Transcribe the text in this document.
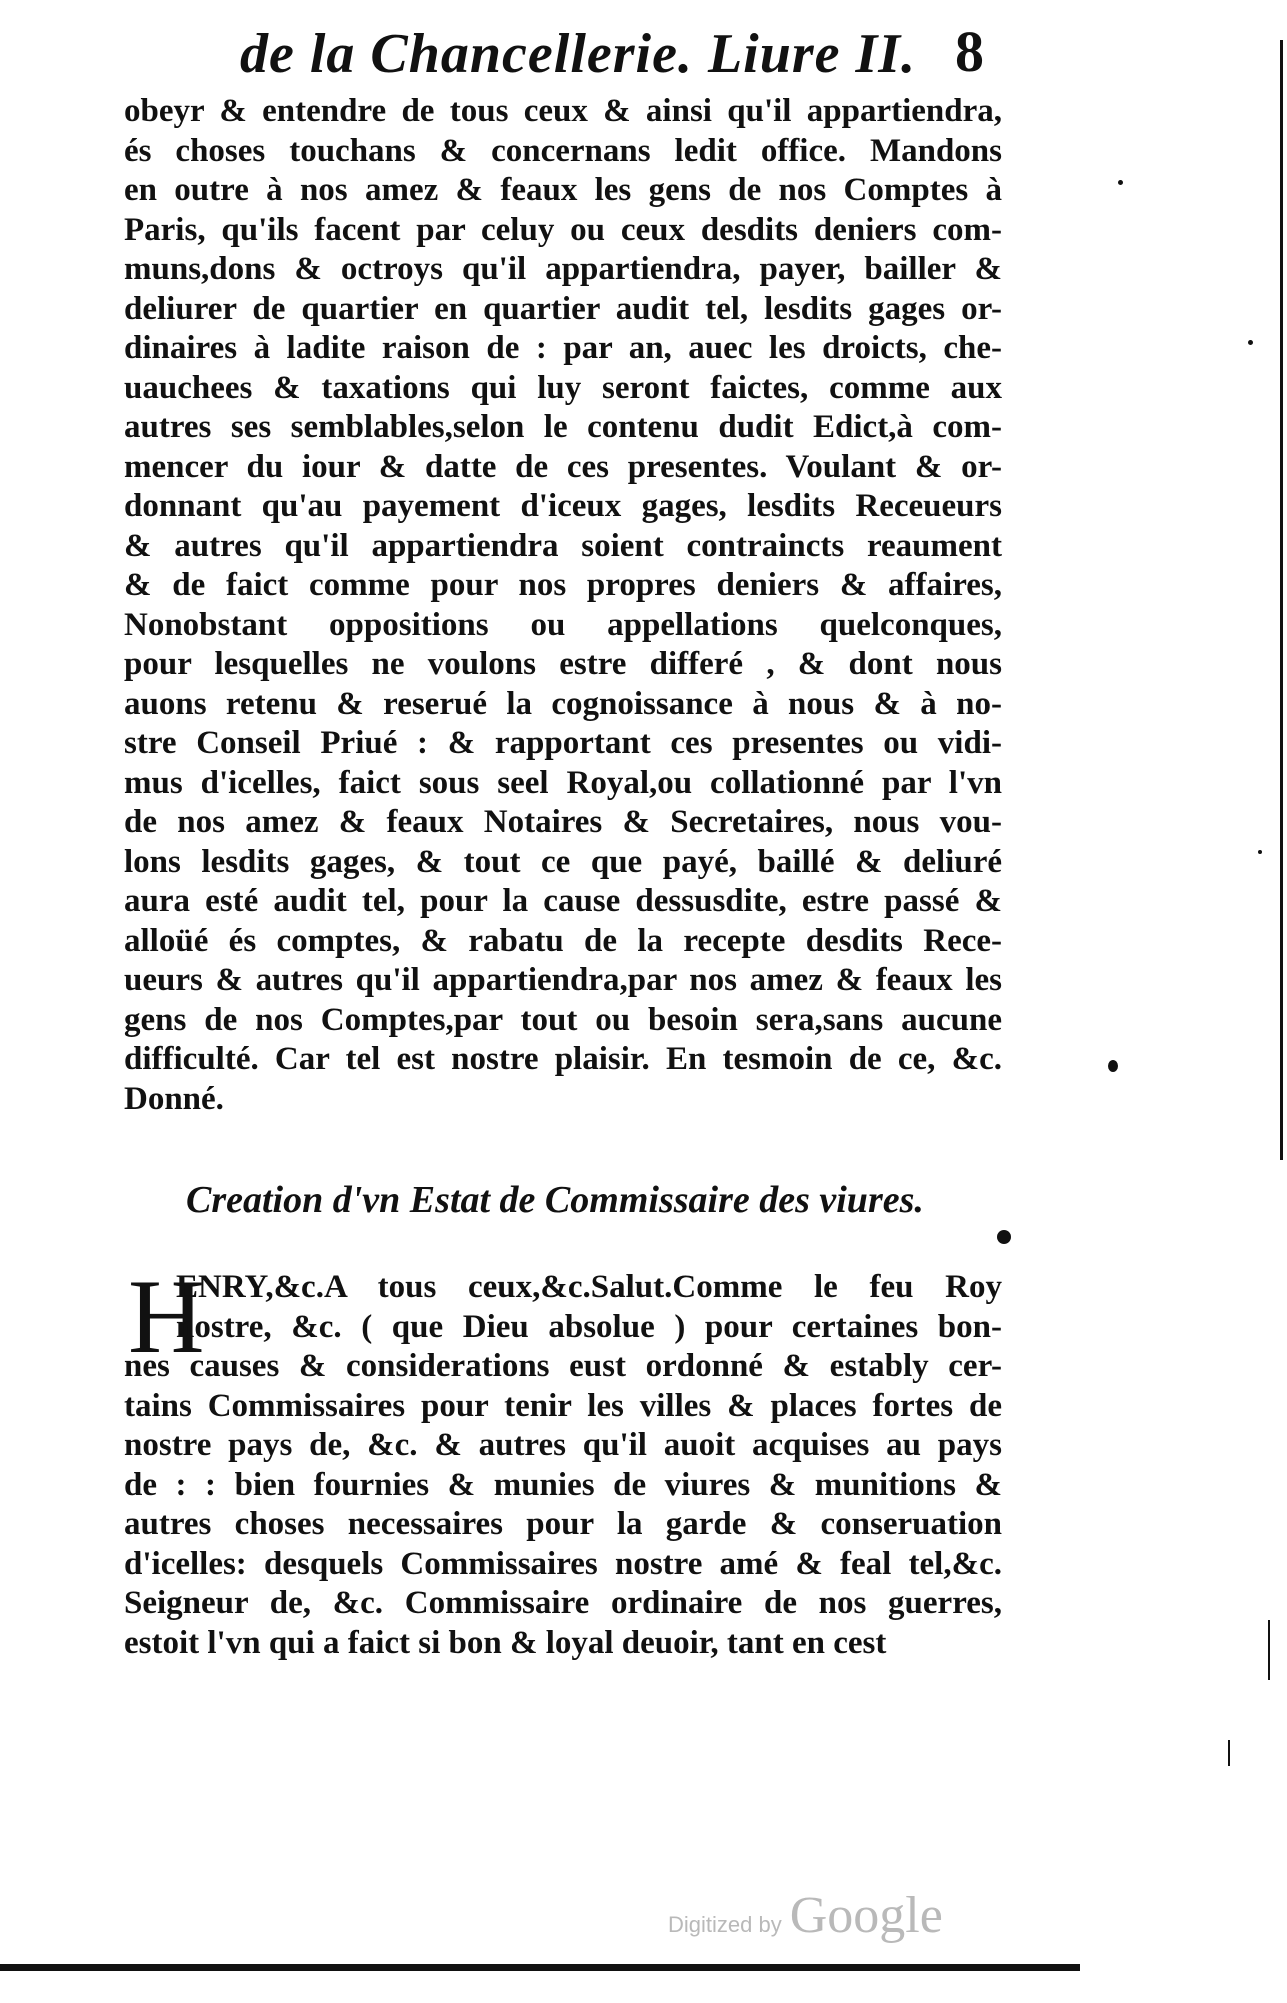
de la Chancellerie. Liure II. 8
obeyr & entendre de tous ceux & ainsi qu'il appartiendra,
és choses touchans & concernans ledit office. Mandons
en outre à nos amez & feaux les gens de nos Comptes à
Paris, qu'ils facent par celuy ou ceux desdits deniers com-
muns,dons & octroys qu'il appartiendra, payer, bailler &
deliurer de quartier en quartier audit tel, lesdits gages or-
dinaires à ladite raison de : par an, auec les droicts, che-
uauchees & taxations qui luy seront faictes, comme aux
autres ses semblables,selon le contenu dudit Edict,à com-
mencer du iour & datte de ces presentes. Voulant & or-
donnant qu'au payement d'iceux gages, lesdits Receueurs
& autres qu'il appartiendra soient contraincts reaument
& de faict comme pour nos propres deniers & affaires,
Nonobstant oppositions ou appellations quelconques,
pour lesquelles ne voulons estre differé , & dont nous
auons retenu & reserué la cognoissance à nous & à no-
stre Conseil Priué : & rapportant ces presentes ou vidi-
mus d'icelles, faict sous seel Royal,ou collationné par l'vn
de nos amez & feaux Notaires & Secretaires, nous vou-
lons lesdits gages, & tout ce que payé, baillé & deliuré
aura esté audit tel, pour la cause dessusdite, estre passé &
alloüé és comptes, & rabatu de la recepte desdits Rece-
ueurs & autres qu'il appartiendra,par nos amez & feaux les
gens de nos Comptes,par tout ou besoin sera,sans aucune
difficulté. Car tel est nostre plaisir. En tesmoin de ce, &c.
Donné.
Creation d'vn Estat de Commissaire des viures.
H
ENRY,&c.A tous ceux,&c.Salut.Comme le feu Roy
nostre, &c. ( que Dieu absolue ) pour certaines bon-
nes causes & considerations eust ordonné & estably cer-
tains Commissaires pour tenir les villes & places fortes de
nostre pays de, &c. & autres qu'il auoit acquises au pays
de : : bien fournies & munies de viures & munitions &
autres choses necessaires pour la garde & conseruation
d'icelles: desquels Commissaires nostre amé & feal tel,&c.
Seigneur de, &c. Commissaire ordinaire de nos guerres,
estoit l'vn qui a faict si bon & loyal deuoir, tant en cest
Digitized by Google
